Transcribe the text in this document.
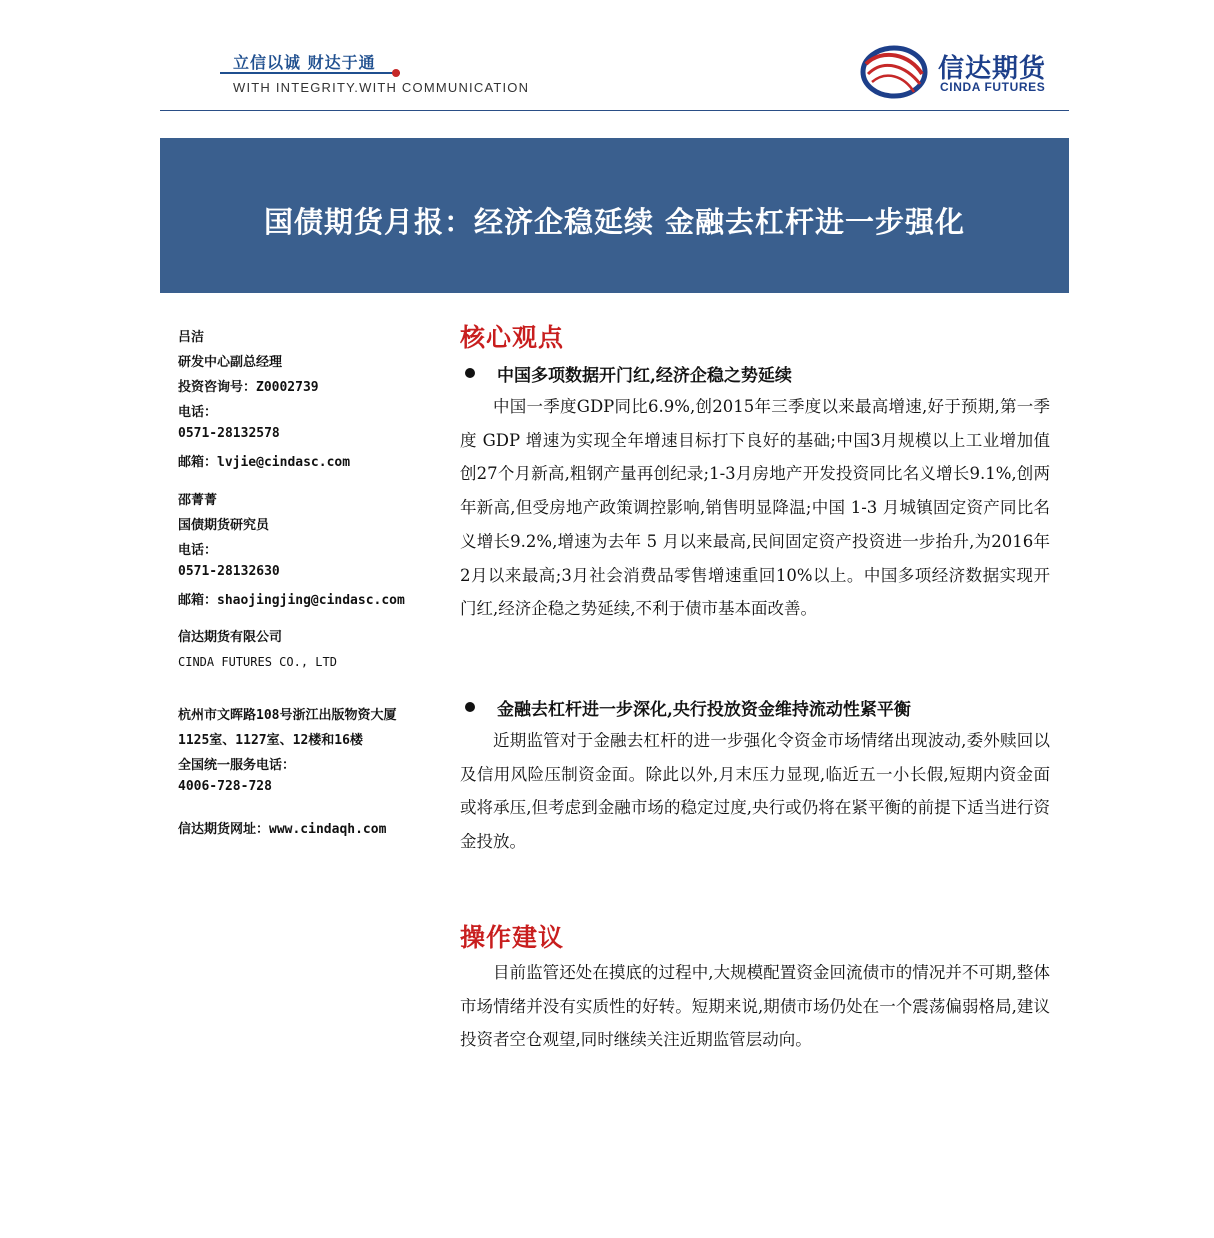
立信以诚 财达于通
WITH INTEGRITY.WITH COMMUNICATION
信达期货
CINDA FUTURES
国债期货月报：经济企稳延续 金融去杠杆进一步强化
吕洁
研发中心副总经理
投资咨询号：Z0002739
电话：
0571-28132578
邮箱：lvjie@cindasc.com
邵菁菁
国债期货研究员
电话：
0571-28132630
邮箱：shaojingjing@cindasc.com
信达期货有限公司
CINDA FUTURES CO., LTD
杭州市文晖路108号浙江出版物资大厦
1125室、1127室、12楼和16楼
全国统一服务电话：
4006-728-728
信达期货网址：www.cindaqh.com
核心观点
中国多项数据开门红,经济企稳之势延续
中国一季度GDP同比6.9%,创2015年三季度以来最高增速,好于预期,第一季度 GDP 增速为实现全年增速目标打下良好的基础;中国3月规模以上工业增加值创27个月新高,粗钢产量再创纪录;1-3月房地产开发投资同比名义增长9.1%,创两年新高,但受房地产政策调控影响,销售明显降温;中国 1-3 月城镇固定资产同比名义增长9.2%,增速为去年 5 月以来最高,民间固定资产投资进一步抬升,为2016年2月以来最高;3月社会消费品零售增速重回10%以上。中国多项经济数据实现开门红,经济企稳之势延续,不利于债市基本面改善。
金融去杠杆进一步深化,央行投放资金维持流动性紧平衡
近期监管对于金融去杠杆的进一步强化令资金市场情绪出现波动,委外赎回以及信用风险压制资金面。除此以外,月末压力显现,临近五一小长假,短期内资金面或将承压,但考虑到金融市场的稳定过度,央行或仍将在紧平衡的前提下适当进行资金投放。
操作建议
目前监管还处在摸底的过程中,大规模配置资金回流债市的情况并不可期,整体市场情绪并没有实质性的好转。短期来说,期债市场仍处在一个震荡偏弱格局,建议投资者空仓观望,同时继续关注近期监管层动向。
